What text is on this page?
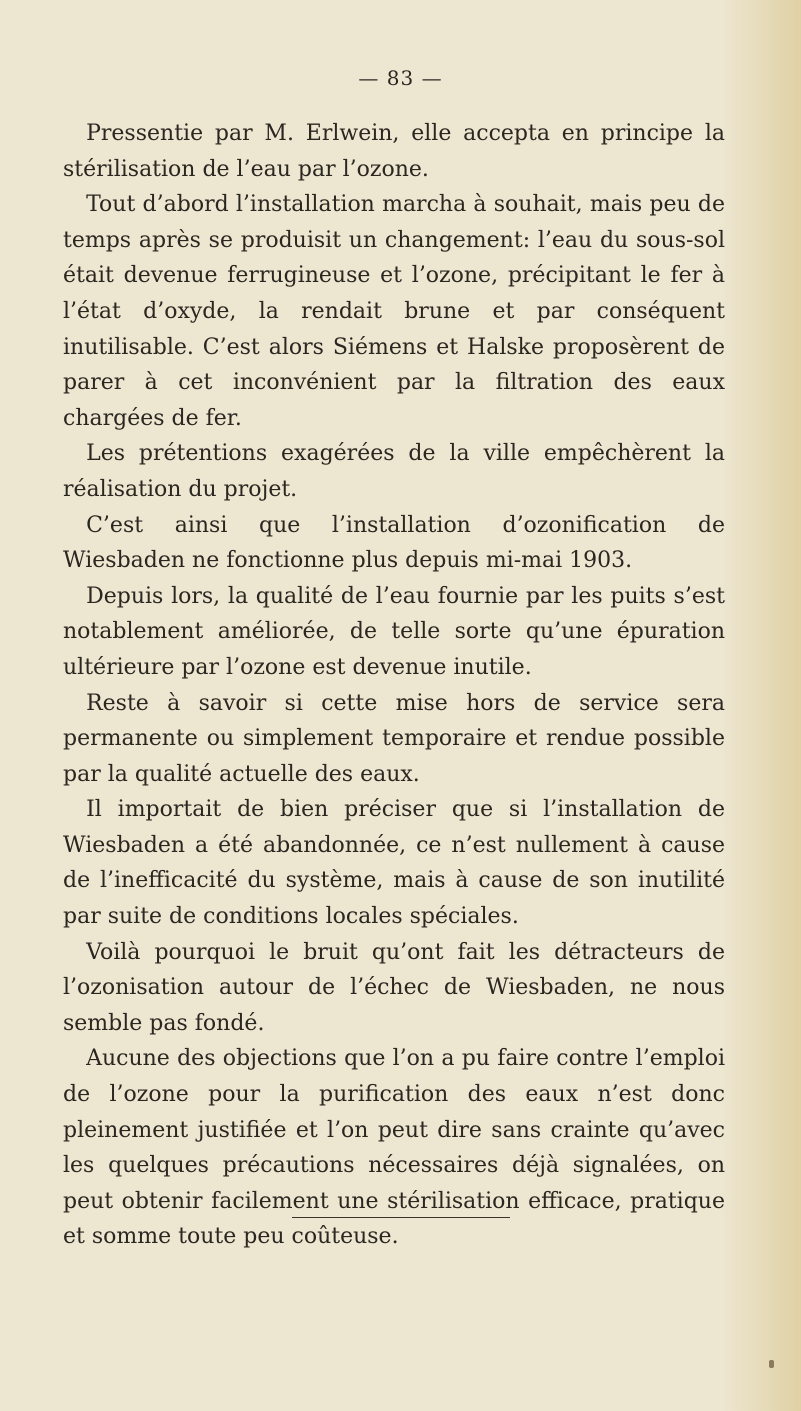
— 83 —

Pressentie par M. Erlwein, elle accepta en principe la stérilisation de l’eau par l’ozone.

Tout d’abord l’installation marcha à souhait, mais peu de temps après se produisit un changement: l’eau du sous-sol était devenue ferrugineuse et l’ozone, précipitant le fer à l’état d’oxyde, la rendait brune et par conséquent inutilisable. C’est alors Siémens et Halske proposèrent de parer à cet inconvénient par la filtration des eaux chargées de fer.

Les prétentions exagérées de la ville empêchèrent la réalisation du projet.

C’est ainsi que l’installation d’ozonification de Wiesbaden ne fonctionne plus depuis mi-mai 1903.

Depuis lors, la qualité de l’eau fournie par les puits s’est notablement améliorée, de telle sorte qu’une épuration ultérieure par l’ozone est devenue inutile.

Reste à savoir si cette mise hors de service sera permanente ou simplement temporaire et rendue possible par la qualité actuelle des eaux.

Il importait de bien préciser que si l’installation de Wiesbaden a été abandonnée, ce n’est nullement à cause de l’inefficacité du système, mais à cause de son inutilité par suite de conditions locales spéciales.

Voilà pourquoi le bruit qu’ont fait les détracteurs de l’ozonisation autour de l’échec de Wiesbaden, ne nous semble pas fondé.

Aucune des objections que l’on a pu faire contre l’emploi de l’ozone pour la purification des eaux n’est donc pleinement justifiée et l’on peut dire sans crainte qu’avec les quelques précautions nécessaires déjà signalées, on peut obtenir facilement une stérilisation efficace, pratique et somme toute peu coûteuse.
